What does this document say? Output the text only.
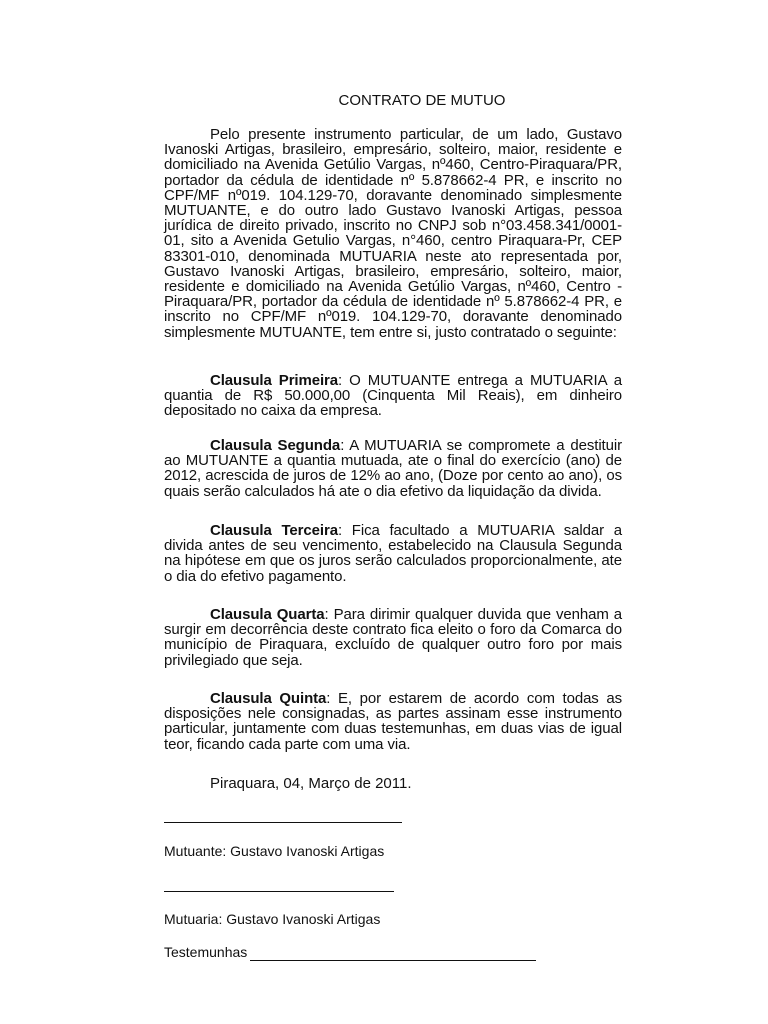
CONTRATO DE MUTUO

Pelo presente instrumento particular, de um lado, Gustavo Ivanoski Artigas, brasileiro, empresário, solteiro, maior, residente e domiciliado na Avenida Getúlio Vargas, nº460, Centro-Piraquara/PR, portador da cédula de identidade nº 5.878662-4 PR, e inscrito no CPF/MF nº019. 104.129-70, doravante denominado simplesmente MUTUANTE, e do outro lado Gustavo Ivanoski Artigas, pessoa jurídica de direito privado, inscrito no CNPJ sob n°03.458.341/0001-01, sito a Avenida Getulio Vargas, n°460, centro Piraquara-Pr, CEP 83301-010, denominada MUTUARIA neste ato representada por, Gustavo Ivanoski Artigas, brasileiro, empresário, solteiro, maior, residente e domiciliado na Avenida Getúlio Vargas, nº460, Centro - Piraquara/PR, portador da cédula de identidade nº 5.878662-4 PR, e inscrito no CPF/MF nº019. 104.129-70, doravante denominado simplesmente MUTUANTE, tem entre si, justo contratado o seguinte:

Clausula Primeira: O MUTUANTE entrega a MUTUARIA a quantia de R$ 50.000,00 (Cinquenta Mil Reais), em dinheiro depositado no caixa da empresa.

Clausula Segunda: A MUTUARIA se compromete a destituir ao MUTUANTE a quantia mutuada, ate o final do exercício (ano) de 2012, acrescida de juros de 12% ao ano, (Doze por cento ao ano), os quais serão calculados há ate o dia efetivo da liquidação da divida.

Clausula Terceira: Fica facultado a MUTUARIA saldar a divida antes de seu vencimento, estabelecido na Clausula Segunda na hipótese em que os juros serão calculados proporcionalmente, ate o dia do efetivo pagamento.

Clausula Quarta: Para dirimir qualquer duvida que venham a surgir em decorrência deste contrato fica eleito o foro da Comarca do município de Piraquara, excluído de qualquer outro foro por mais privilegiado que seja.

Clausula Quinta: E, por estarem de acordo com todas as disposições nele consignadas, as partes assinam esse instrumento particular, juntamente com duas testemunhas, em duas vias de igual teor, ficando cada parte com uma via.

Piraquara, 04, Março de 2011.
Mutuante: Gustavo Ivanoski Artigas
Mutuaria: Gustavo Ivanoski Artigas
Testemunhas
